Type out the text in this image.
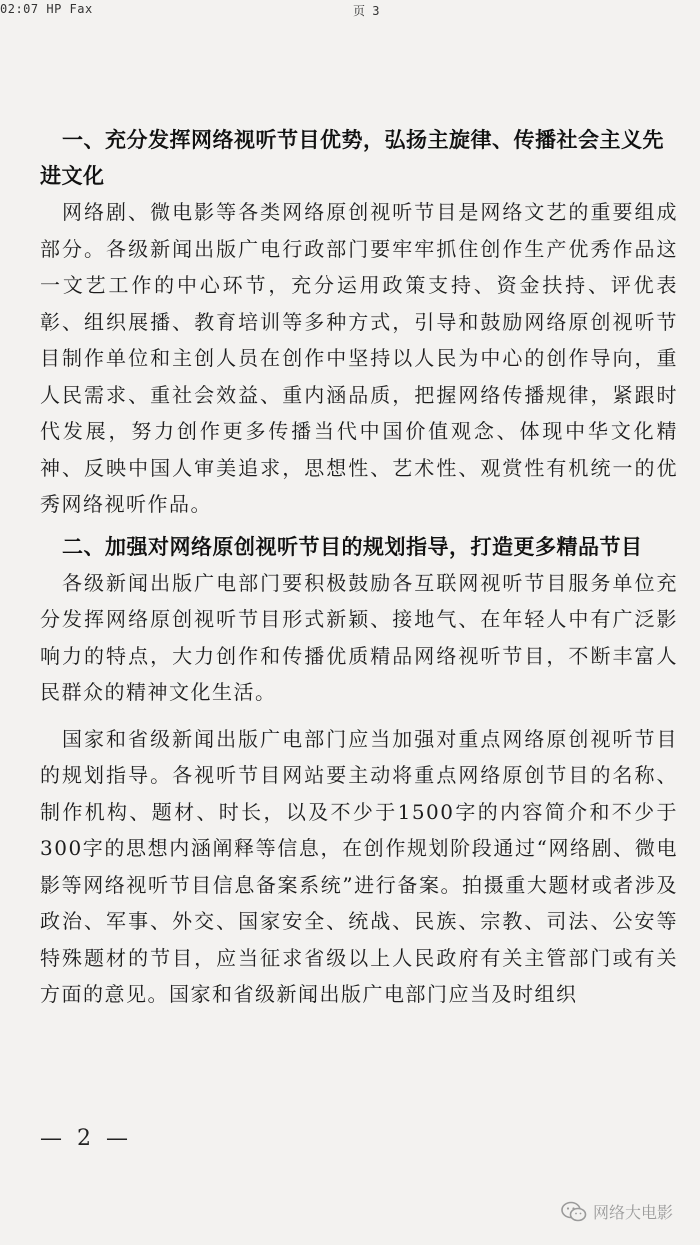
02:07 HP Fax	页 3

一、充分发挥网络视听节目优势，弘扬主旋律、传播社会主义先进文化

网络剧、微电影等各类网络原创视听节目是网络文艺的重要组成部分。各级新闻出版广电行政部门要牢牢抓住创作生产优秀作品这一文艺工作的中心环节，充分运用政策支持、资金扶持、评优表彰、组织展播、教育培训等多种方式，引导和鼓励网络原创视听节目制作单位和主创人员在创作中坚持以人民为中心的创作导向，重人民需求、重社会效益、重内涵品质，把握网络传播规律，紧跟时代发展，努力创作更多传播当代中国价值观念、体现中华文化精神、反映中国人审美追求，思想性、艺术性、观赏性有机统一的优秀网络视听作品。

二、加强对网络原创视听节目的规划指导，打造更多精品节目

各级新闻出版广电部门要积极鼓励各互联网视听节目服务单位充分发挥网络原创视听节目形式新颖、接地气、在年轻人中有广泛影响力的特点，大力创作和传播优质精品网络视听节目，不断丰富人民群众的精神文化生活。

国家和省级新闻出版广电部门应当加强对重点网络原创视听节目的规划指导。各视听节目网站要主动将重点网络原创节目的名称、制作机构、题材、时长，以及不少于1500字的内容简介和不少于300字的思想内涵阐释等信息，在创作规划阶段通过“网络剧、微电影等网络视听节目信息备案系统”进行备案。拍摄重大题材或者涉及政治、军事、外交、国家安全、统战、民族、宗教、司法、公安等特殊题材的节目，应当征求省级以上人民政府有关主管部门或有关方面的意见。国家和省级新闻出版广电部门应当及时组织

— 2 —
网络大电影
